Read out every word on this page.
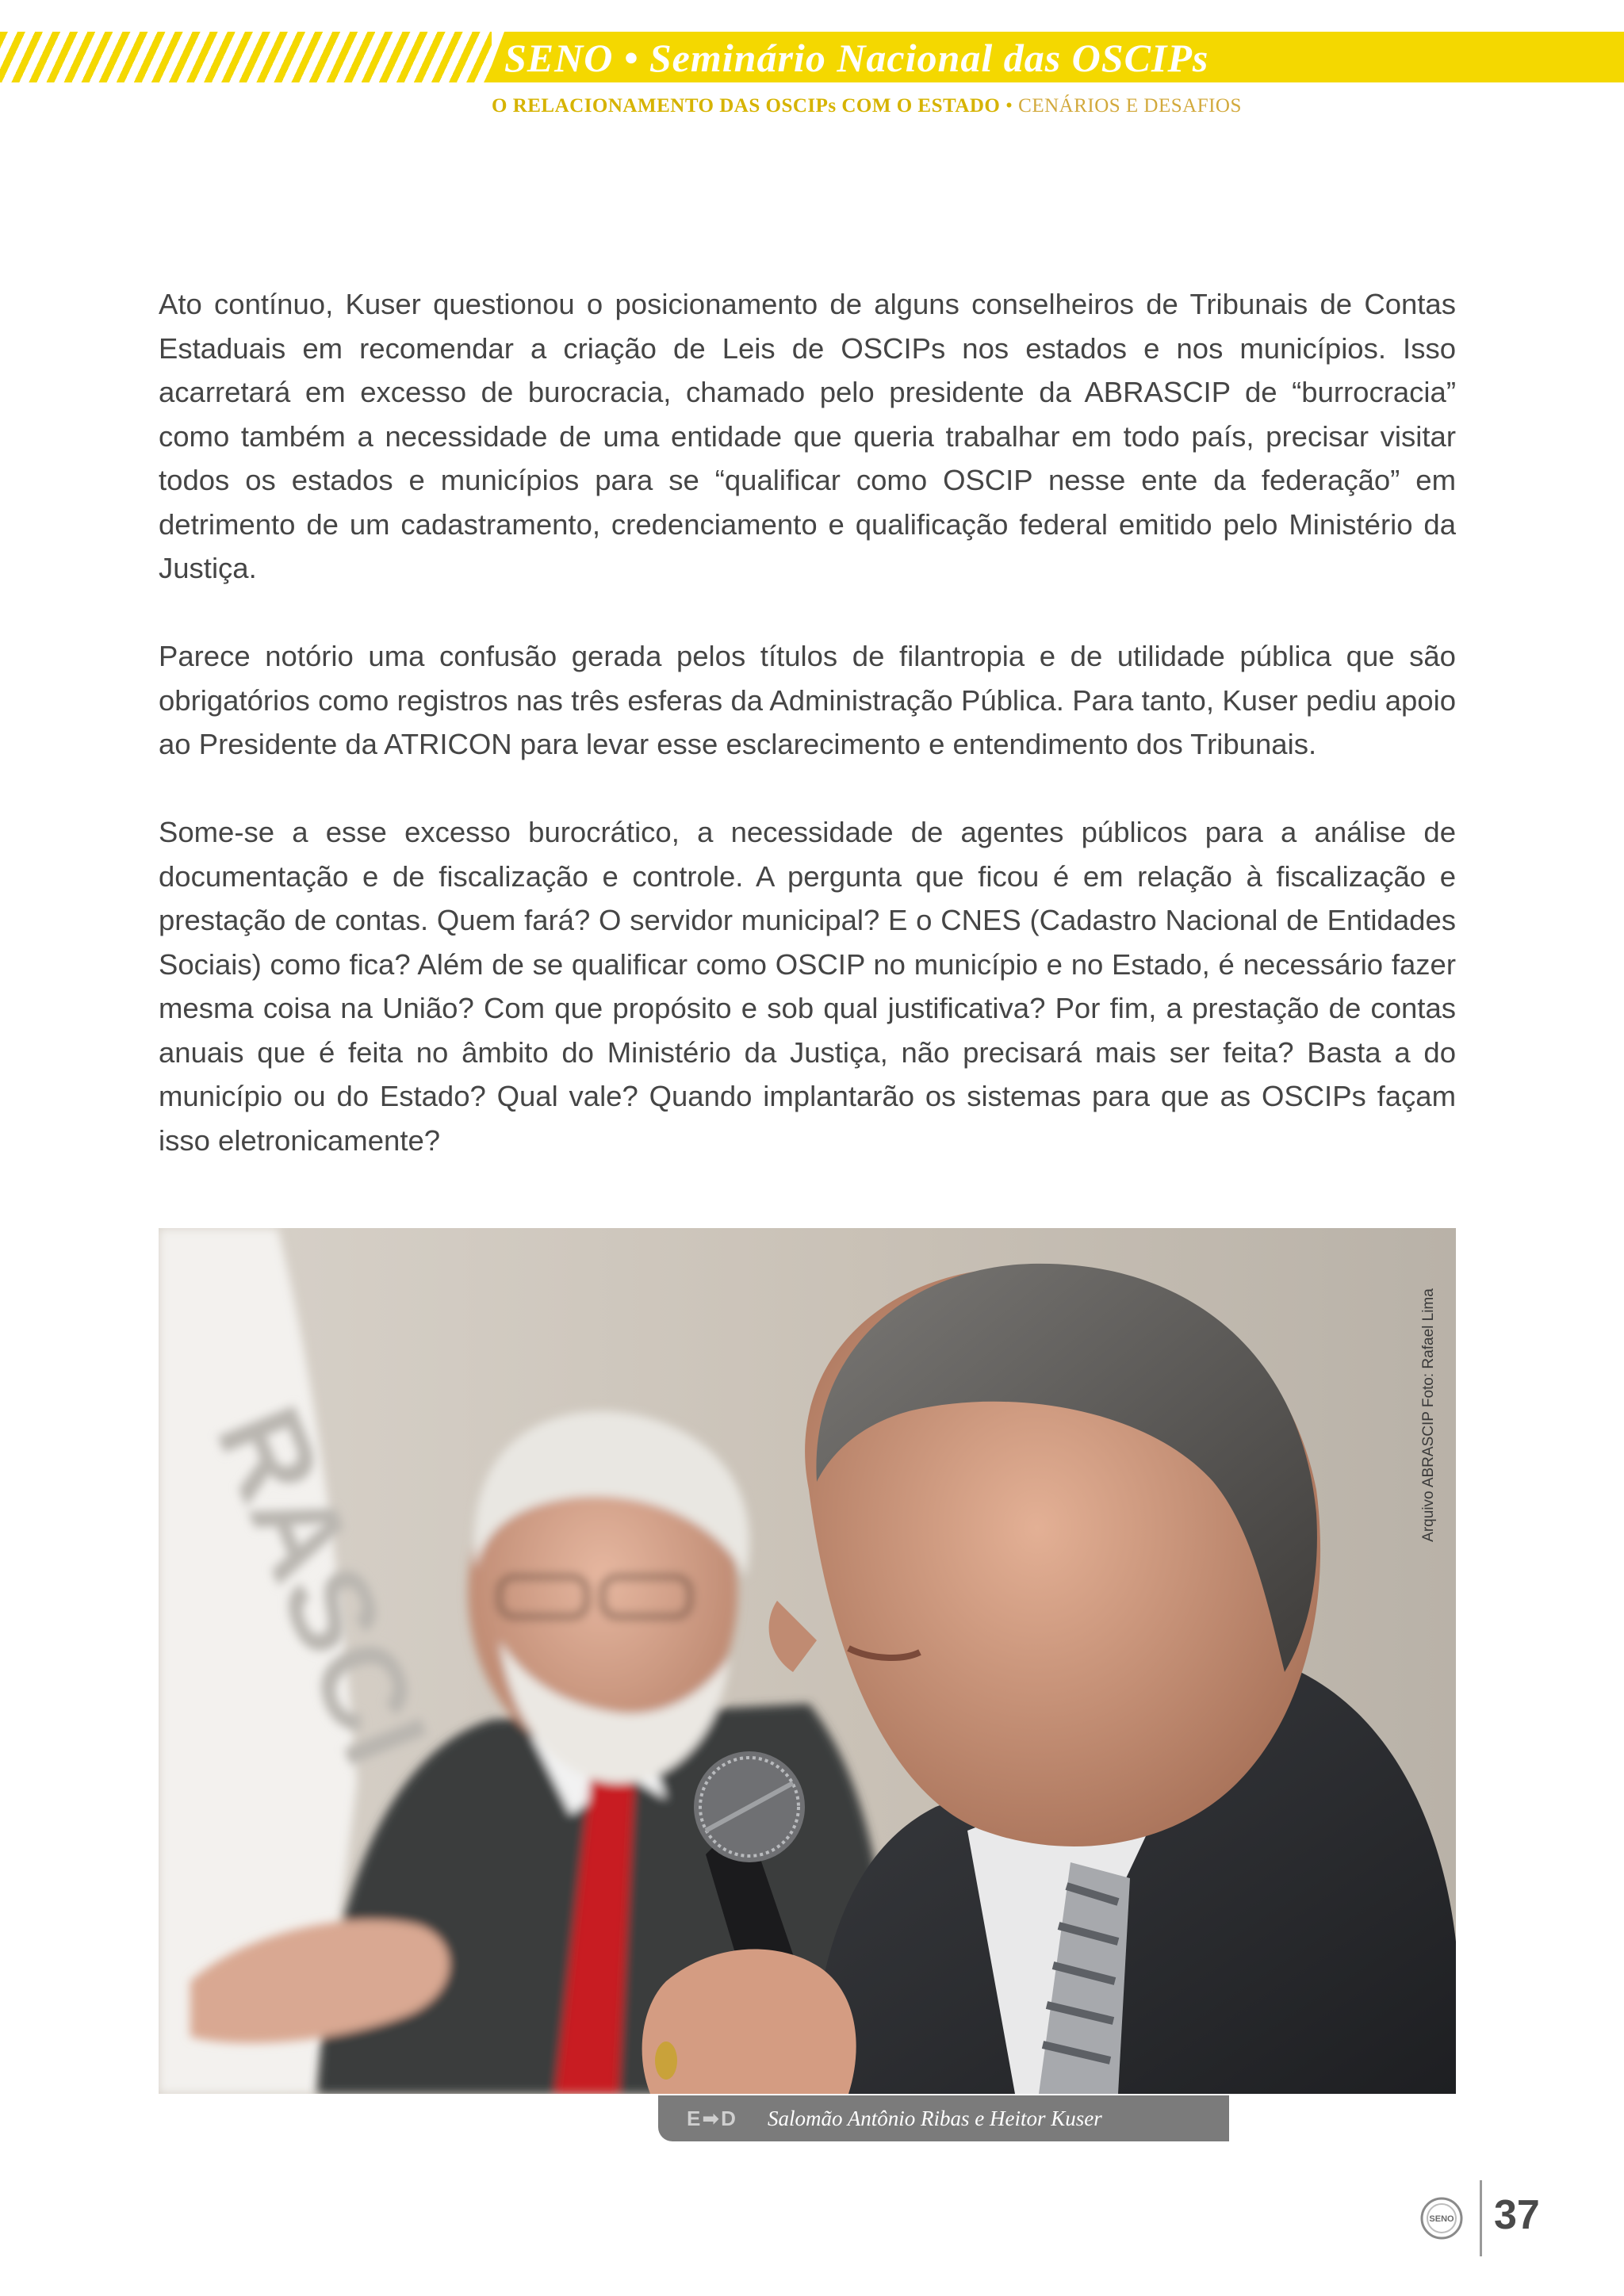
SENO • Seminário Nacional das OSCIPs
O RELACIONAMENTO DAS OSCIPs COM O ESTADO • CENÁRIOS E DESAFIOS

Ato contínuo, Kuser questionou o posicionamento de alguns conselheiros de Tribunais de Contas Estaduais em recomendar a criação de Leis de OSCIPs nos estados e nos municípios. Isso acarretará em excesso de burocracia, chamado pelo presidente da ABRASCIP de “burrocracia” como também a necessidade de uma entidade que queria trabalhar em todo país, precisar visitar todos os estados e municípios para se “qualificar como OSCIP nesse ente da federação” em detrimento de um cadastramento, credenciamento e qualificação federal emitido pelo Ministério da Justiça.

Parece notório uma confusão gerada pelos títulos de filantropia e de utilidade pública que são obrigatórios como registros nas três esferas da Administração Pública. Para tanto, Kuser pediu apoio ao Presidente da ATRICON para levar esse esclarecimento e entendimento dos Tribunais.

Some-se a esse excesso burocrático, a necessidade de agentes públicos para a análise de documentação e de fiscalização e controle. A pergunta que ficou é em relação à fiscalização e prestação de contas. Quem fará? O servidor municipal? E o CNES (Cadastro Nacional de Entidades Sociais) como fica? Além de se qualificar como OSCIP no município e no Estado, é necessário fazer mesma coisa na União? Com que propósito e sob qual justificativa? Por fim, a prestação de contas anuais que é feita no âmbito do Ministério da Justiça, não precisará mais ser feita? Basta a do município ou do Estado? Qual vale? Quando implantarão os sistemas para que as OSCIPs façam isso eletronicamente?

RASCI	Arquivo ABRASCIP Foto: Rafael Lima
E➡D	Salomão Antônio Ribas e Heitor Kuser
SENO 37
